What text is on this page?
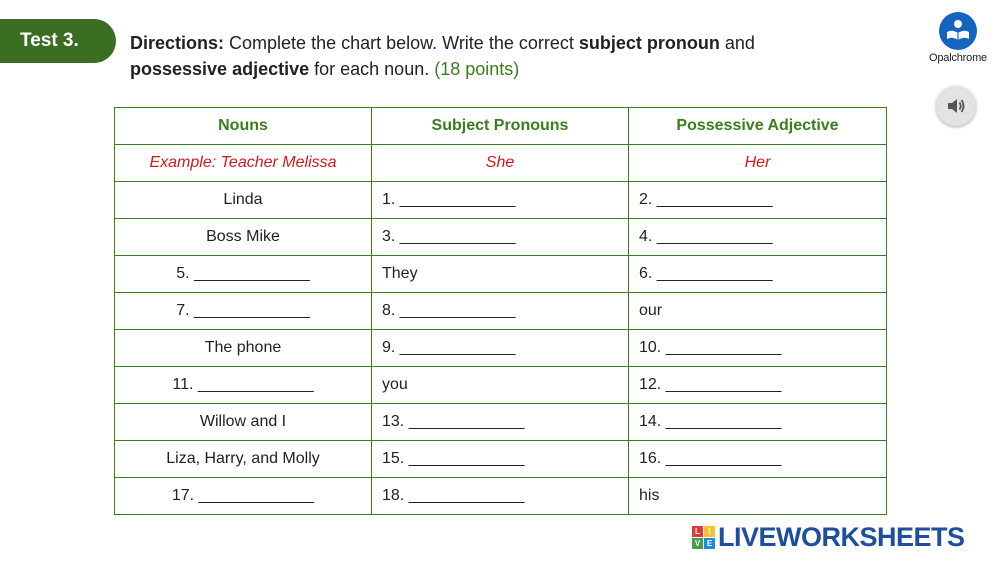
Test 3.	Directions: Complete the chart below. Write the correct subject pronoun and
possessive adjective for each noun. (18 points)
Opalchrome
Nouns	Subject Pronouns	Possessive Adjective
Example: Teacher Melissa	She	Her
Linda	1. _____________	2. _____________
Boss Mike	3. _____________	4. _____________
5. _____________	They	6. _____________
7. _____________	8. _____________	our
The phone	9. _____________	10. _____________
11. _____________	you	12. _____________
Willow and I	13. _____________	14. _____________
Liza, Harry, and Molly	15. _____________	16. _____________
17. _____________	18. _____________	his
L	I
V E LIVEWORKSHEETS
